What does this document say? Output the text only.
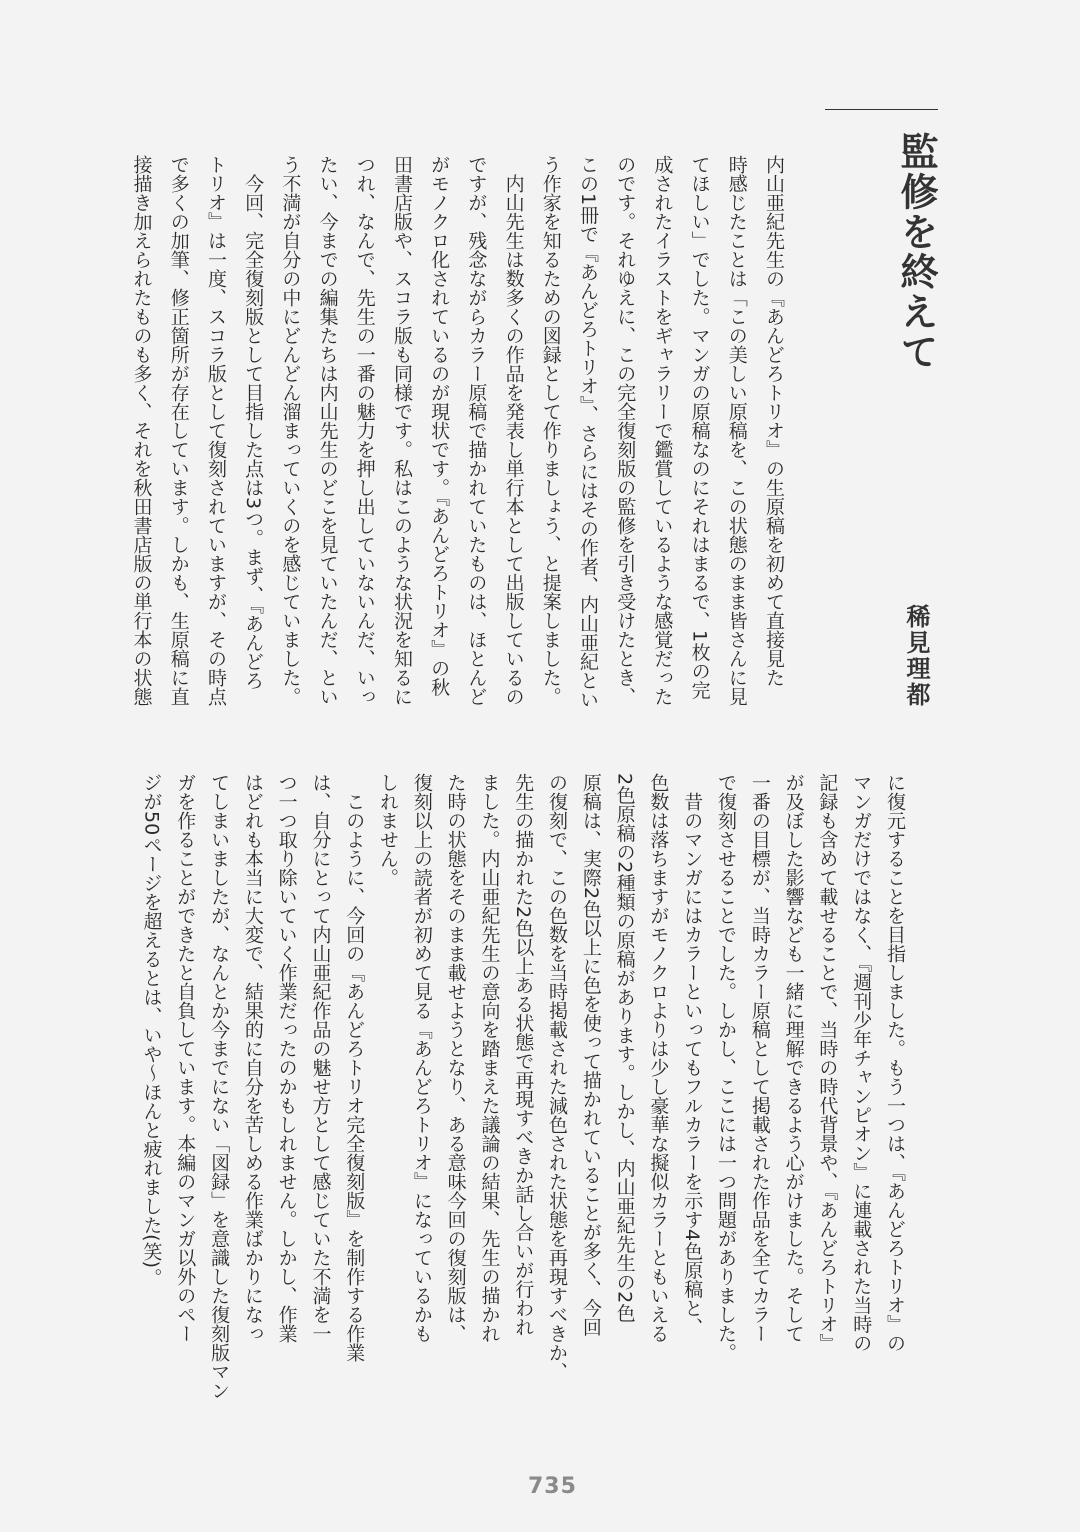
監修を終えて
稀見理都
内山亜紀先生の『あんどろトリオ』の生原稿を初めて直接見た
時感じたことは「この美しい原稿を、この状態のまま皆さんに見
てほしい」でした。マンガの原稿なのにそれはまるで、1枚の完
成されたイラストをギャラリーで鑑賞しているような感覚だった
のです。それゆえに、この完全復刻版の監修を引き受けたとき、
この1冊で『あんどろトリオ』、さらにはその作者、内山亜紀とい
う作家を知るための図録として作りましょう、と提案しました。
　内山先生は数多くの作品を発表し単行本として出版しているの
ですが、残念ながらカラー原稿で描かれていたものは、ほとんど
がモノクロ化されているのが現状です。『あんどろトリオ』の秋
田書店版や、スコラ版も同様です。私はこのような状況を知るに
つれ、なんで、先生の一番の魅力を押し出していないんだ、いっ
たい、今までの編集たちは内山先生のどこを見ていたんだ、とい
う不満が自分の中にどんどん溜まっていくのを感じていました。
　今回、完全復刻版として目指した点は3つ。まず、『あんどろ
トリオ』は一度、スコラ版として復刻されていますが、その時点
で多くの加筆、修正箇所が存在しています。しかも、生原稿に直
接描き加えられたものも多く、それを秋田書店版の単行本の状態
に復元することを目指しました。もう一つは、『あんどろトリオ』の
マンガだけではなく、『週刊少年チャンピオン』に連載された当時の
記録も含めて載せることで、当時の時代背景や、『あんどろトリオ』
が及ぼした影響なども一緒に理解できるよう心がけました。そして
一番の目標が、当時カラー原稿として掲載された作品を全てカラー
で復刻させることでした。しかし、ここには一つ問題がありました。
　昔のマンガにはカラーといってもフルカラーを示す4色原稿と、
色数は落ちますがモノクロよりは少し豪華な擬似カラーともいえる
2色原稿の2種類の原稿があります。しかし、内山亜紀先生の2色
原稿は、実際2色以上に色を使って描かれていることが多く、今回
の復刻で、この色数を当時掲載された減色された状態を再現すべきか、
先生の描かれた2色以上ある状態で再現すべきか話し合いが行われ
ました。内山亜紀先生の意向を踏まえた議論の結果、先生の描かれ
た時の状態をそのまま載せようとなり、ある意味今回の復刻版は、
復刻以上の読者が初めて見る『あんどろトリオ』になっているかも
しれません。
　このように、今回の『あんどろトリオ完全復刻版』を制作する作業
は、自分にとって内山亜紀作品の魅せ方として感じていた不満を一
つ一つ取り除いていく作業だったのかもしれません。しかし、作業
はどれも本当に大変で、結果的に自分を苦しめる作業ばかりになっ
てしまいましたが、なんとか今までにない「図録」を意識した復刻版マン
ガを作ることができたと自負しています。本編のマンガ以外のペー
ジが50ページを超えるとは、いや〜ほんと疲れました(笑)。
735
